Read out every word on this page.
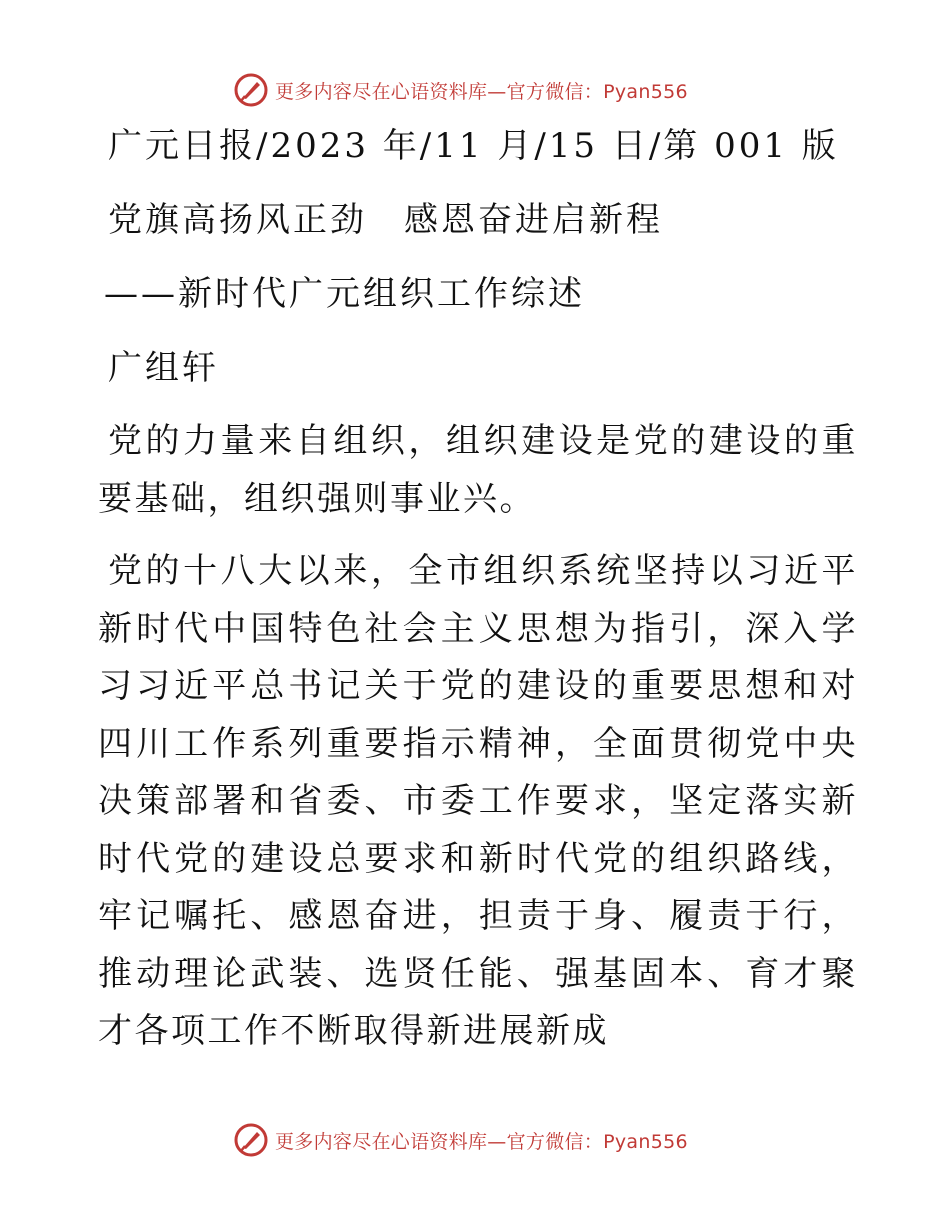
更多内容尽在心语资料库—官方微信：Pyan556
广元日报/2023 年/11 月/15 日/第 001 版
党旗高扬风正劲　感恩奋进启新程
——新时代广元组织工作综述
广组轩
党的力量来自组织，组织建设是党的建设的重要基础，组织强则事业兴。
党的十八大以来，全市组织系统坚持以习近平新时代中国特色社会主义思想为指引，深入学习习近平总书记关于党的建设的重要思想和对四川工作系列重要指示精神，全面贯彻党中央决策部署和省委、市委工作要求，坚定落实新时代党的建设总要求和新时代党的组织路线，牢记嘱托、感恩奋进，担责于身、履责于行，推动理论武装、选贤任能、强基固本、育才聚才各项工作不断取得新进展新成
更多内容尽在心语资料库—官方微信：Pyan556
